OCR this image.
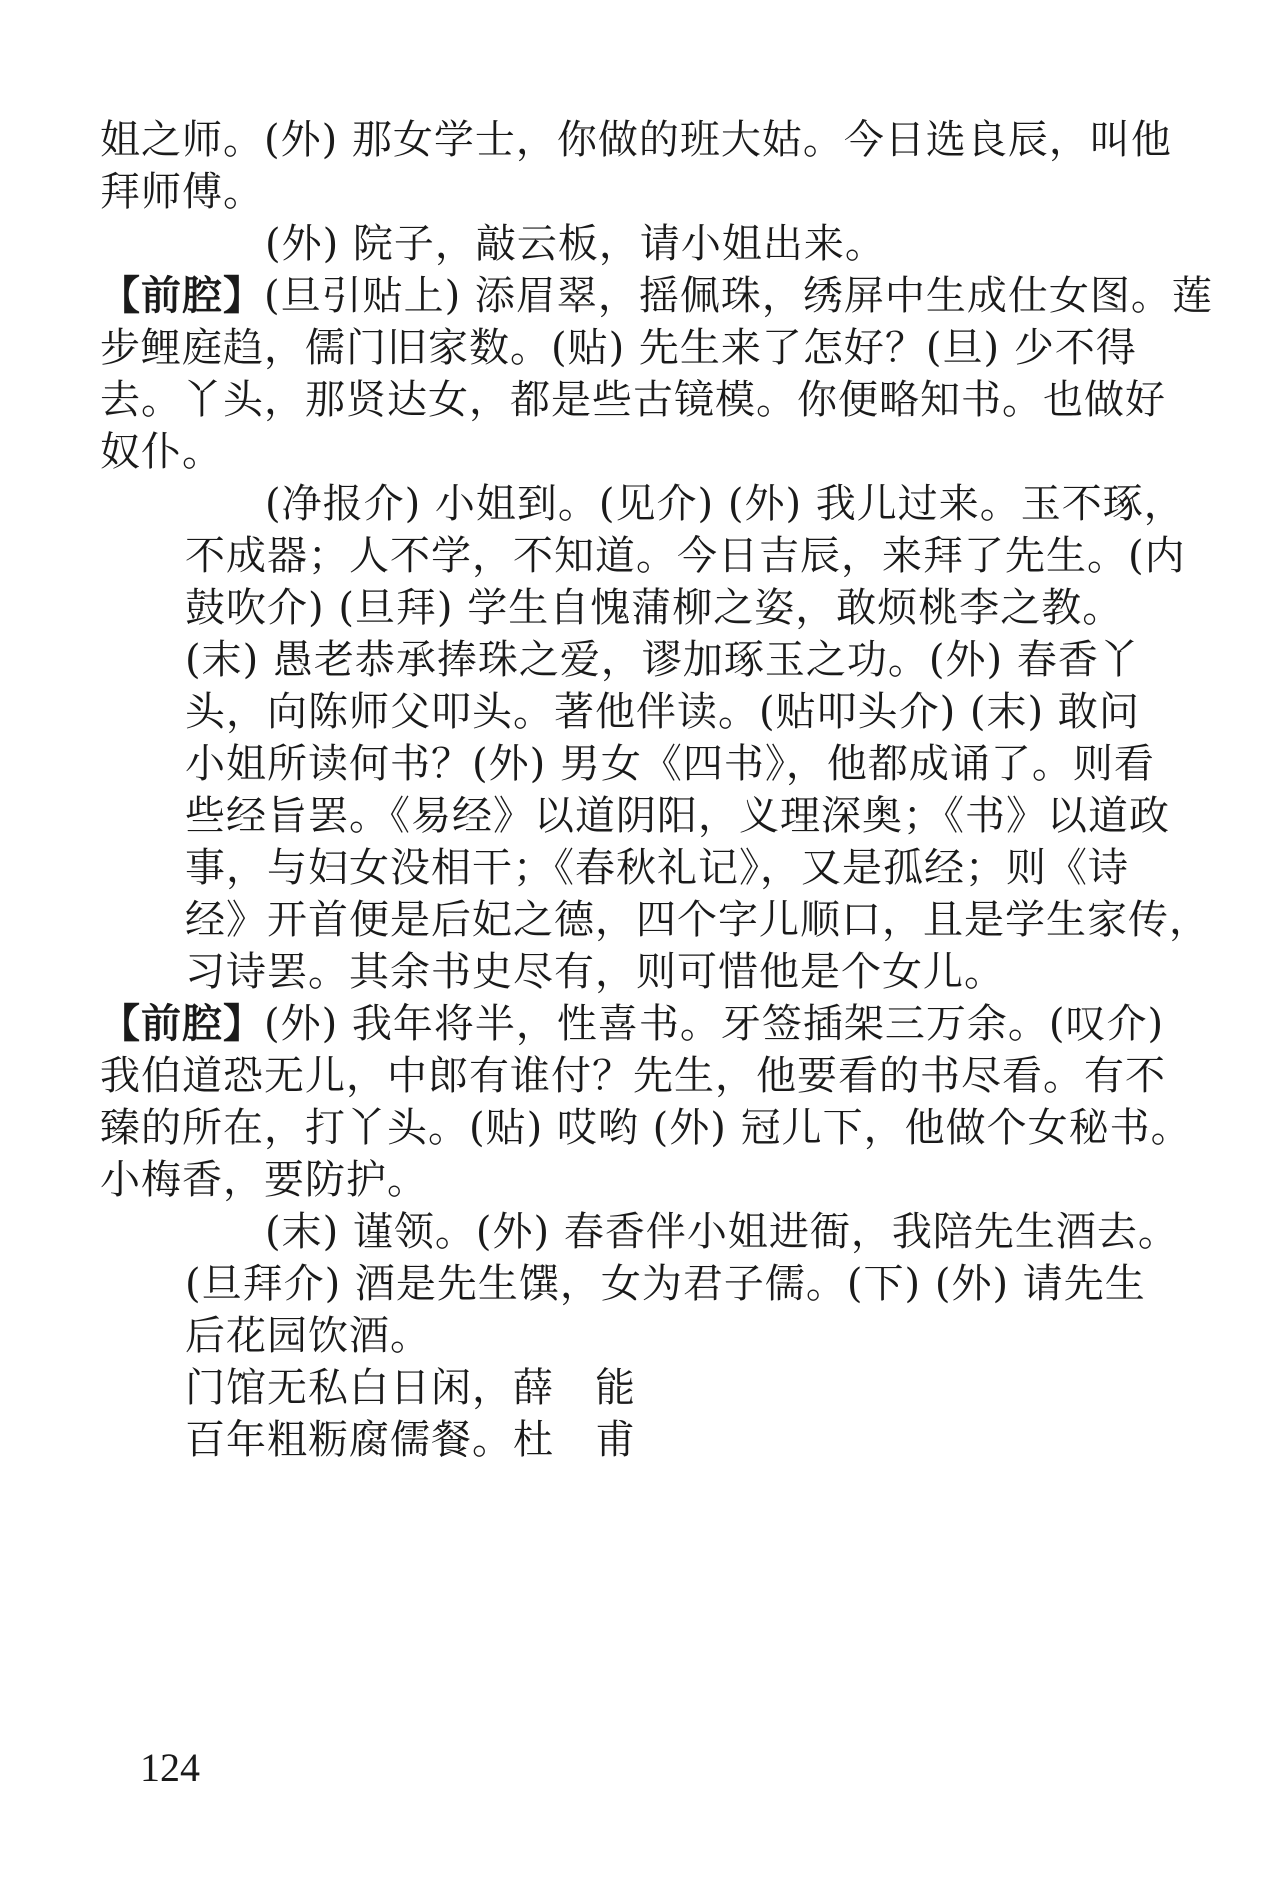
姐之师。(外) 那女学士，你做的班大姑。今日选良辰，叫他
拜师傅。
(外) 院子，敲云板，请小姐出来。
【前腔】(旦引贴上) 添眉翠，摇佩珠，绣屏中生成仕女图。莲
步鲤庭趋，儒门旧家数。(贴) 先生来了怎好？(旦) 少不得
去。丫头，那贤达女，都是些古镜模。你便略知书。也做好
奴仆。
(净报介) 小姐到。(见介) (外) 我儿过来。玉不琢，
不成器；人不学，不知道。今日吉辰，来拜了先生。(内
鼓吹介) (旦拜) 学生自愧蒲柳之姿，敢烦桃李之教。
(末) 愚老恭承捧珠之爱，谬加琢玉之功。(外) 春香丫
头，向陈师父叩头。著他伴读。(贴叩头介) (末) 敢问
小姐所读何书？(外) 男女《四书》，他都成诵了。则看
些经旨罢。《易经》以道阴阳，义理深奥；《书》以道政
事，与妇女没相干；《春秋礼记》，又是孤经；则《诗
经》开首便是后妃之德，四个字儿顺口，且是学生家传，
习诗罢。其余书史尽有，则可惜他是个女儿。
【前腔】(外) 我年将半，性喜书。牙签插架三万余。(叹介)
我伯道恐无儿，中郎有谁付？先生，他要看的书尽看。有不
臻的所在，打丫头。(贴) 哎哟 (外) 冠儿下，他做个女秘书。
小梅香，要防护。
(末) 谨领。(外) 春香伴小姐进衙，我陪先生酒去。
(旦拜介) 酒是先生馔，女为君子儒。(下) (外) 请先生
后花园饮酒。
门馆无私白日闲，薛　能
百年粗粝腐儒餐。杜　甫
124
